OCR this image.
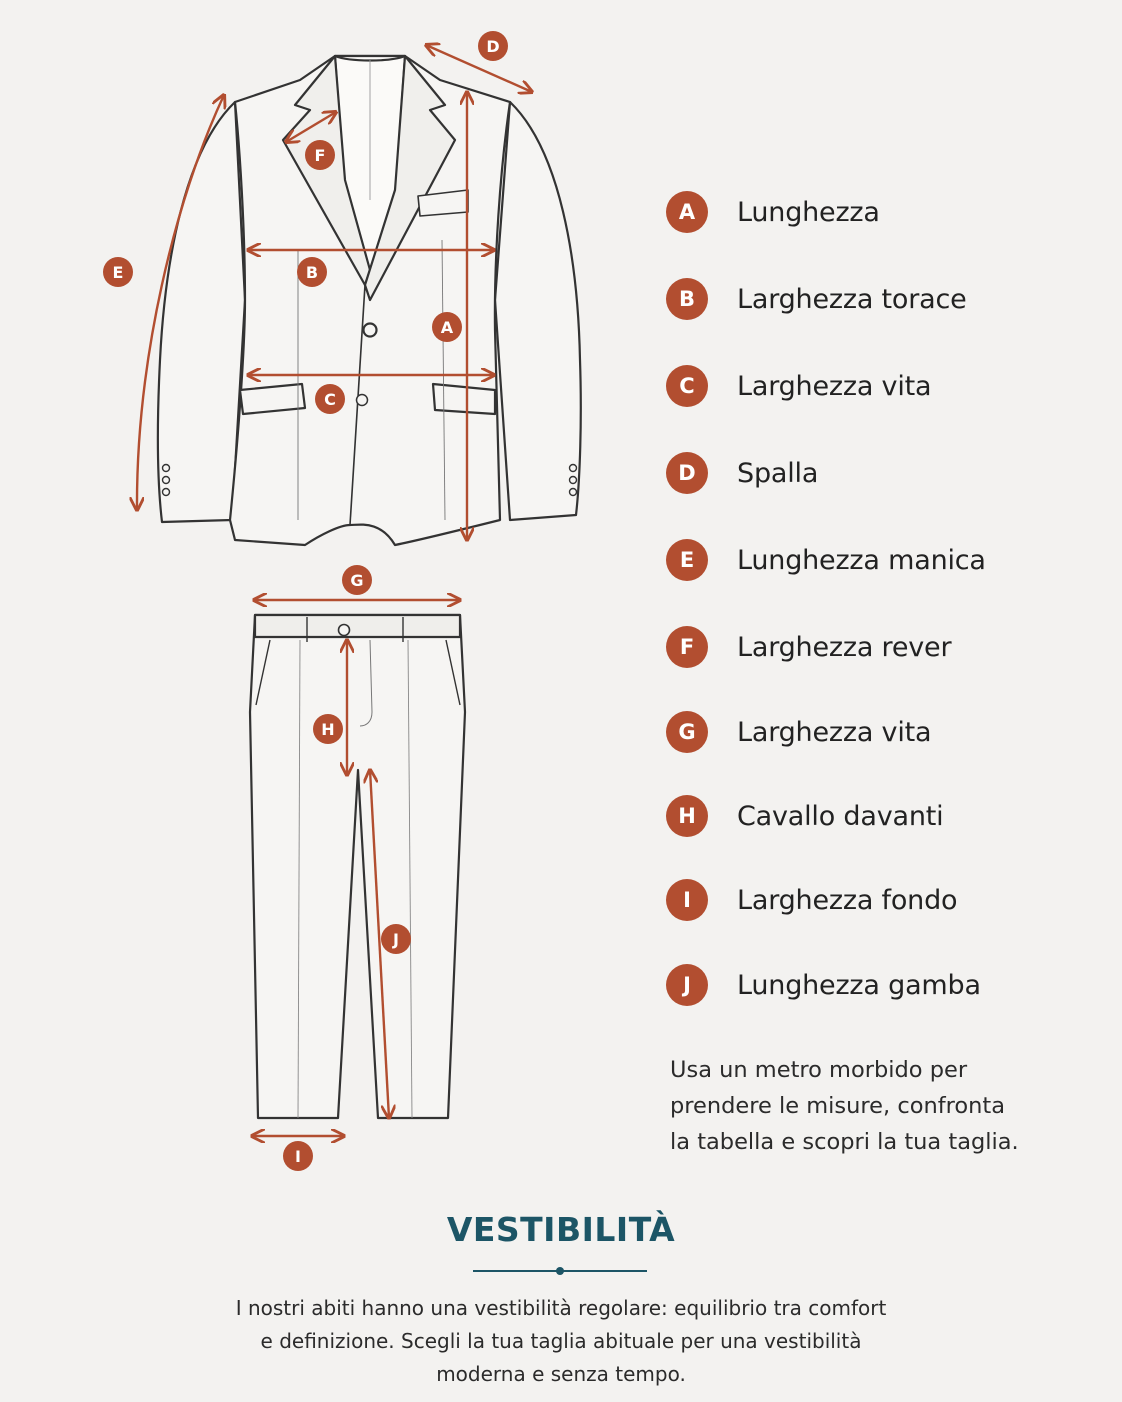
A
B
C
D
E
F
G
H
I
J
A	Lunghezza
B	Larghezza torace
C	Larghezza vita
D	Spalla
E	Lunghezza manica
F	Larghezza rever
G	Larghezza vita
H	Cavallo davanti
I	Larghezza fondo
J	Lunghezza gamba
Usa un metro morbido per
prendere le misure, confronta
la tabella e scopri la tua taglia.
VESTIBILITÀ
I nostri abiti hanno una vestibilità regolare: equilibrio tra comfort
e definizione. Scegli la tua taglia abituale per una vestibilità
moderna e senza tempo.
